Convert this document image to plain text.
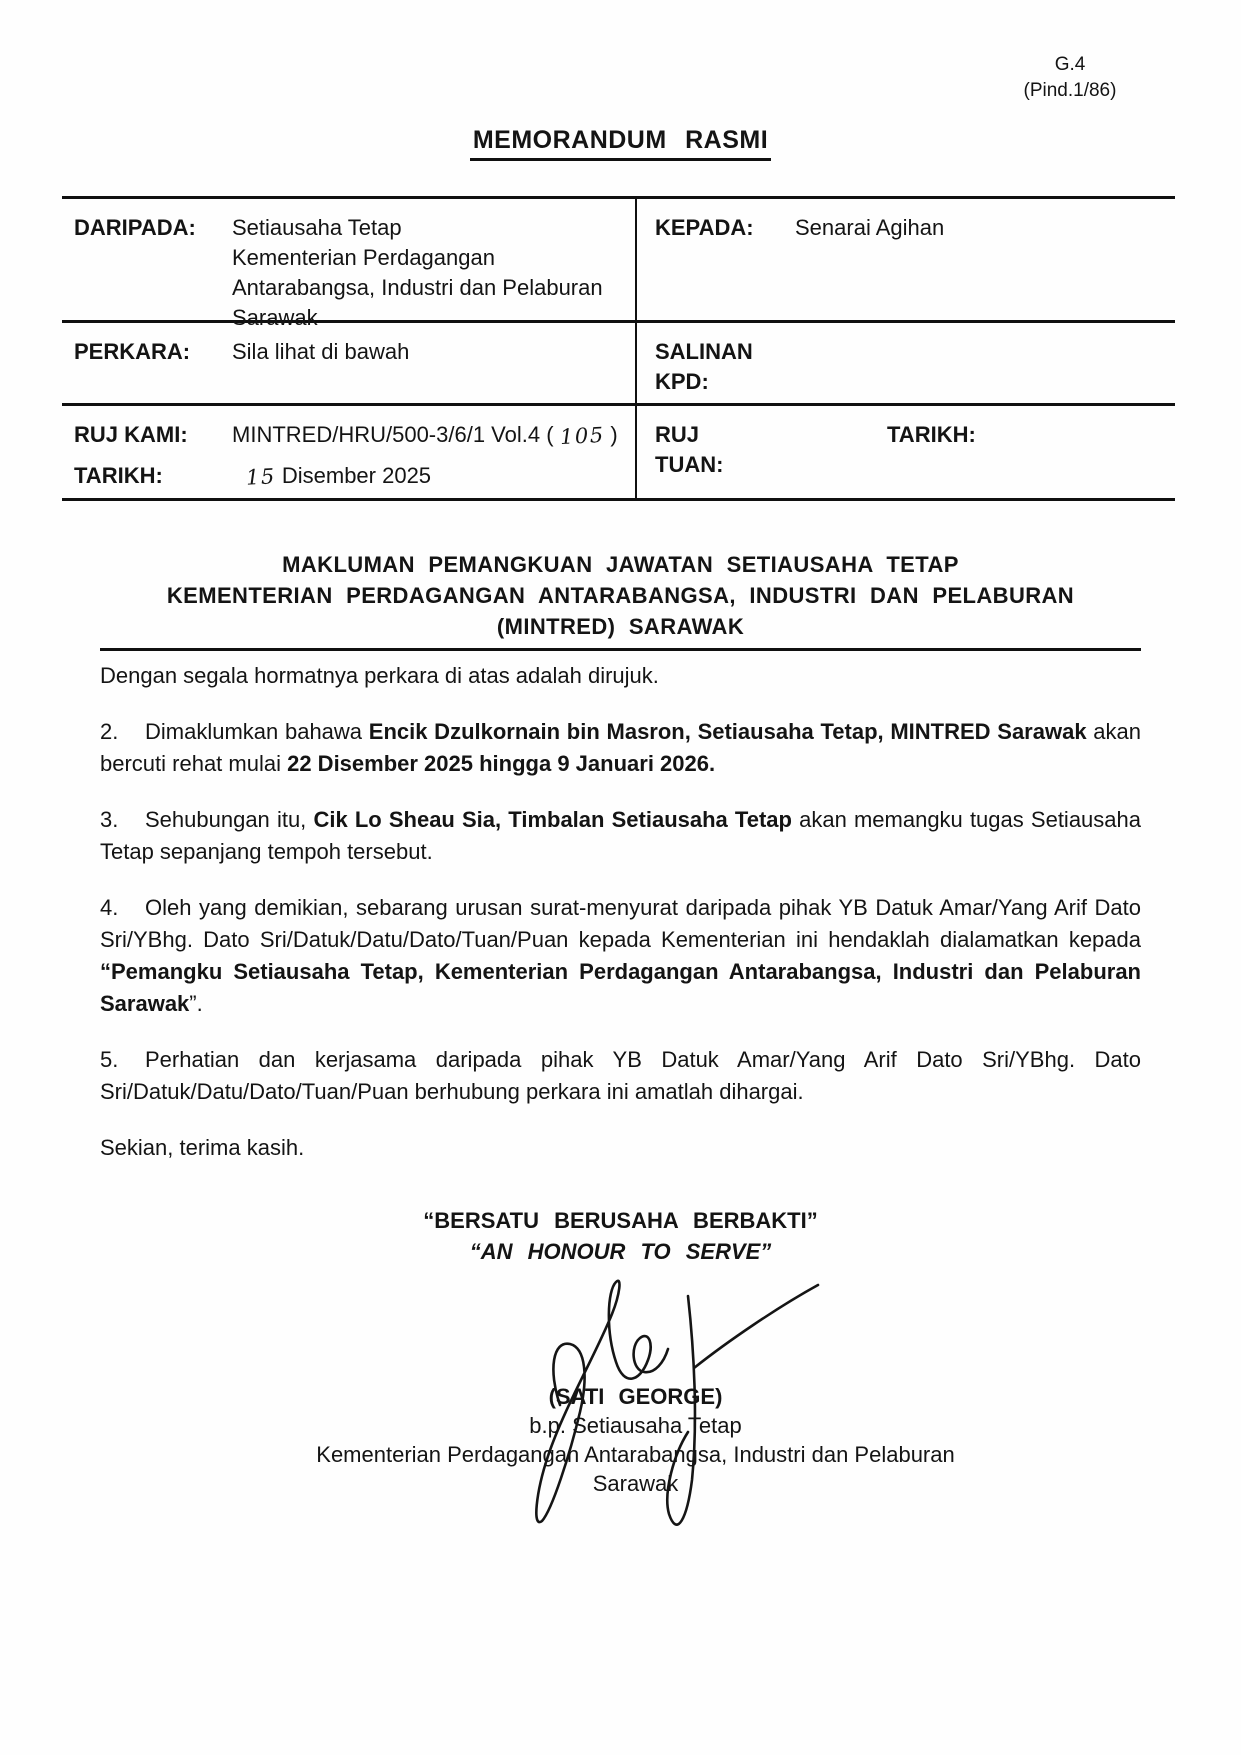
G.4
(Pind.1/86)
MEMORANDUM RASMI
DARIPADA:	Setiausaha Tetap
Kementerian Perdagangan
Antarabangsa, Industri dan Pelaburan
Sarawak
KEPADA:	Senarai Agihan
PERKARA:	Sila lihat di bawah	SALINAN
KPD:
RUJ KAMI:	MINTRED/HRU/500-3/6/1 Vol.4 ( 105 )
TARIKH:	15 Disember 2025
RUJ
TUAN:
TARIKH:
MAKLUMAN PEMANGKUAN JAWATAN SETIAUSAHA TETAP
KEMENTERIAN PERDAGANGAN ANTARABANGSA, INDUSTRI DAN PELABURAN
(MINTRED) SARAWAK

Dengan segala hormatnya perkara di atas adalah dirujuk.

2. Dimaklumkan bahawa Encik Dzulkornain bin Masron, Setiausaha Tetap, MINTRED Sarawak akan bercuti rehat mulai 22 Disember 2025 hingga 9 Januari 2026.

3. Sehubungan itu, Cik Lo Sheau Sia, Timbalan Setiausaha Tetap akan memangku tugas Setiausaha Tetap sepanjang tempoh tersebut.

4. Oleh yang demikian, sebarang urusan surat-menyurat daripada pihak YB Datuk Amar/Yang Arif Dato Sri/YBhg. Dato Sri/Datuk/Datu/Dato/Tuan/Puan kepada Kementerian ini hendaklah dialamatkan kepada “Pemangku Setiausaha Tetap, Kementerian Perdagangan Antarabangsa, Industri dan Pelaburan Sarawak”.

5. Perhatian dan kerjasama daripada pihak YB Datuk Amar/Yang Arif Dato Sri/YBhg. Dato Sri/Datuk/Datu/Dato/Tuan/Puan berhubung perkara ini amatlah dihargai.

Sekian, terima kasih.

“BERSATU BERUSAHA BERBAKTI”
“AN HONOUR TO SERVE”
(SATI GEORGE)
b.p. Setiausaha Tetap
Kementerian Perdagangan Antarabangsa, Industri dan Pelaburan
Sarawak
